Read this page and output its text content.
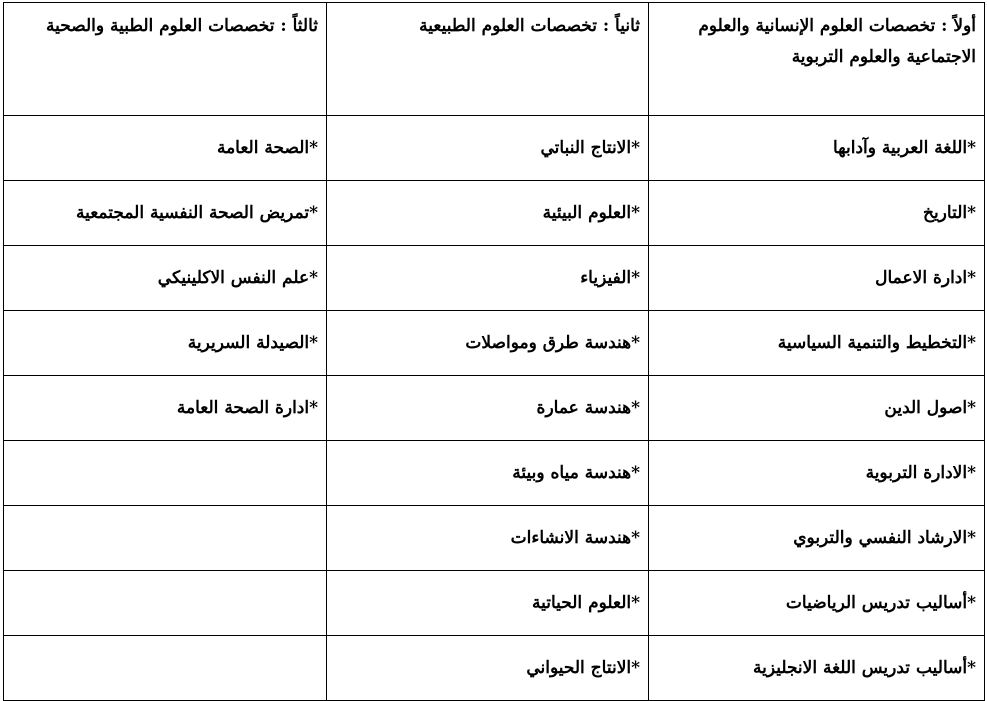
أولاً : تخصصات العلوم الإنسانية والعلوم الاجتماعية والعلوم التربوية	ثانياً : تخصصات العلوم الطبيعية	ثالثاً : تخصصات العلوم الطبية والصحية
*اللغة العربية وآدابها	*الانتاج النباتي	*الصحة العامة
*التاريخ	*العلوم البيئية	*تمريض الصحة النفسية المجتمعية
*ادارة الاعمال	*الفيزياء	*علم النفس الاكلينيكي
*التخطيط والتنمية السياسية	*هندسة طرق ومواصلات	*الصيدلة السريرية
*اصول الدين	*هندسة عمارة	*ادارة الصحة العامة
*الادارة التربوية	*هندسة مياه وبيئة	
*الارشاد النفسي والتربوي	*هندسة الانشاءات	
*أساليب تدريس الرياضيات	*العلوم الحياتية	
*أساليب تدريس اللغة الانجليزية	*الانتاج الحيواني	
